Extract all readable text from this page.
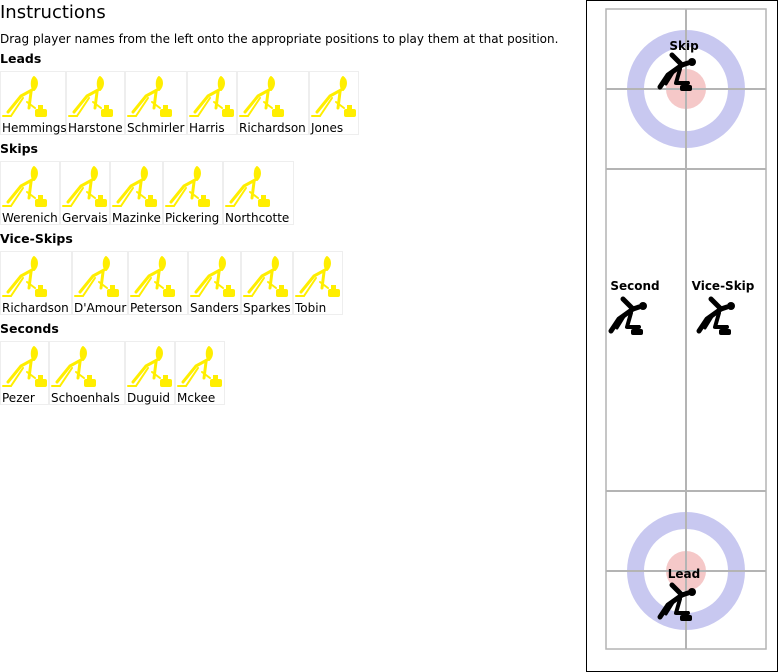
Instructions

Drag player names from the left onto the appropriate positions to play them at that position.

Leads
Hemmings Harstone Schmirler Harris Richardson Jones
Skips
Werenich Gervais Mazinke Pickering Northcotte
Vice-Skips
Richardson D'Amour Peterson Sanders Sparkes Tobin
Seconds
Pezer Schoenhals Duguid Mckee
Skip
Second	Vice-Skip
Lead
